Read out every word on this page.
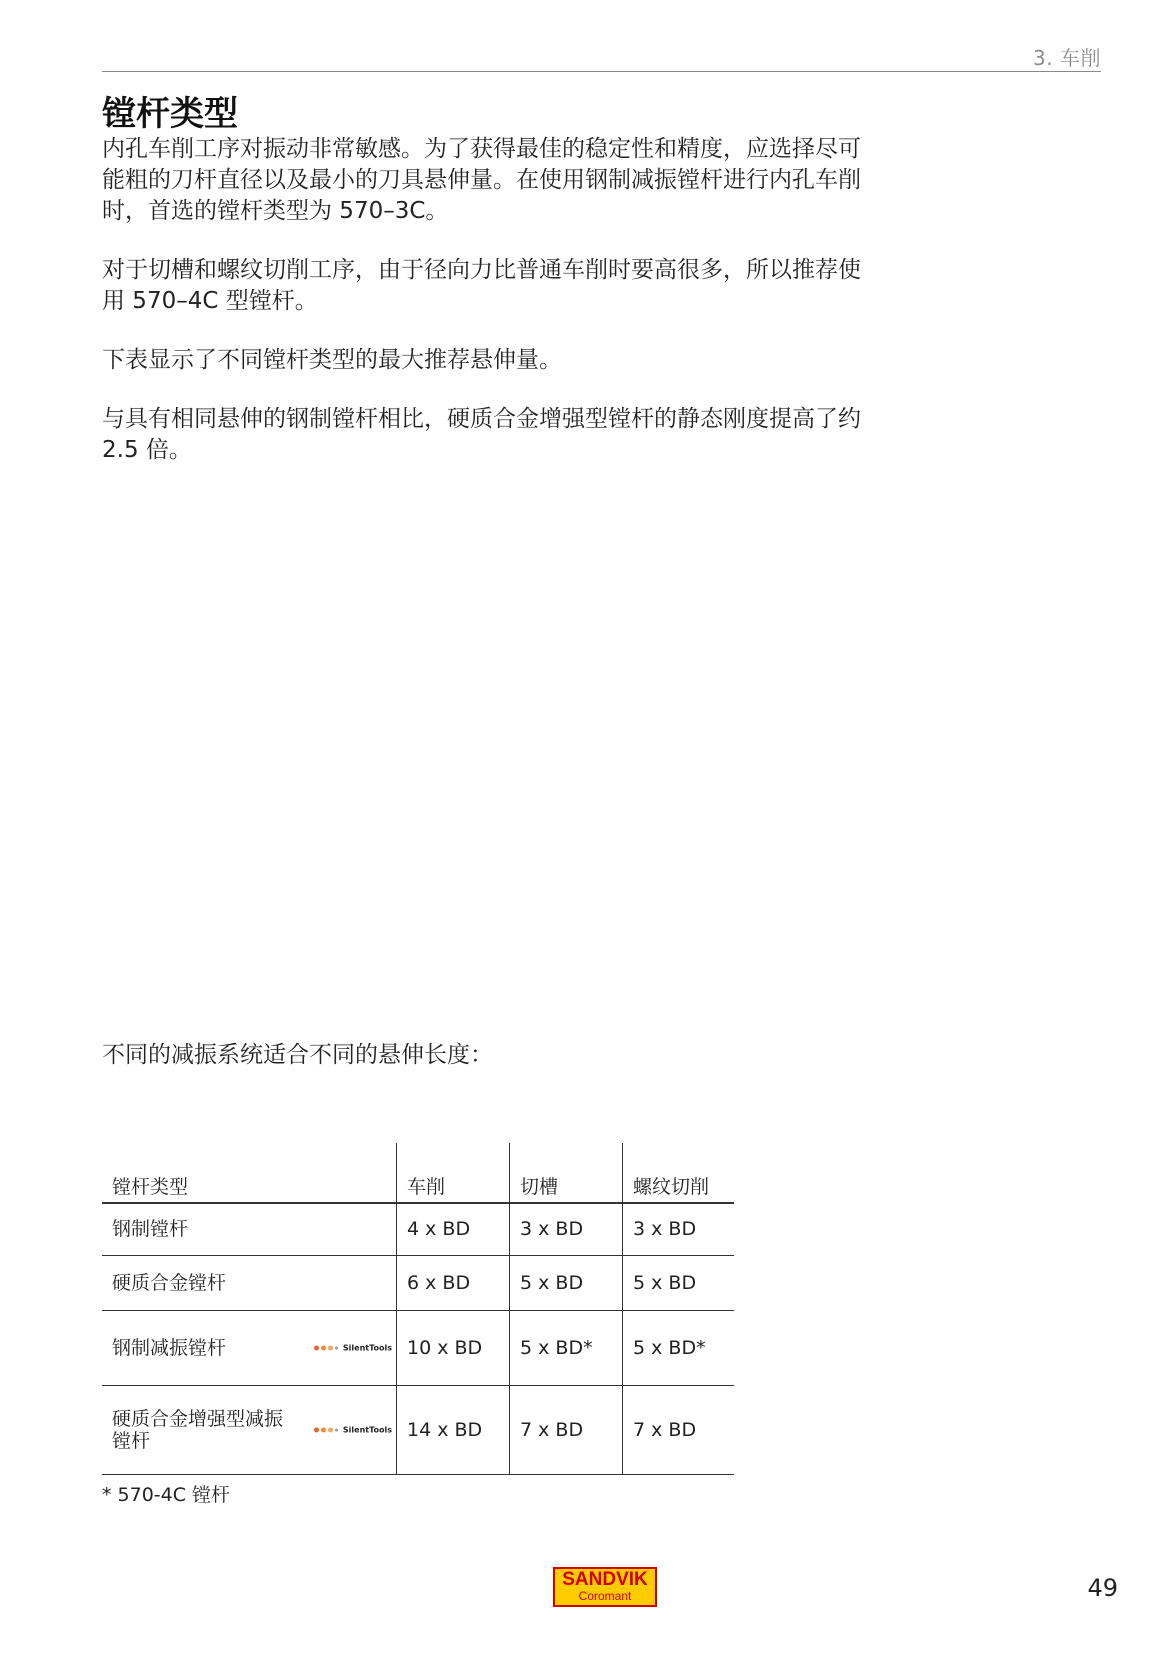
3. 车削
镗杆类型

内孔车削工序对振动非常敏感。为了获得最佳的稳定性和精度，应选择尽可能粗的刀杆直径以及最小的刀具悬伸量。在使用钢制减振镗杆进行内孔车削时，首选的镗杆类型为 570–3C。

对于切槽和螺纹切削工序，由于径向力比普通车削时要高很多，所以推荐使用 570–4C 型镗杆。

下表显示了不同镗杆类型的最大推荐悬伸量。

与具有相同悬伸的钢制镗杆相比，硬质合金增强型镗杆的静态刚度提高了约 2.5 倍。

不同的减振系统适合不同的悬伸长度：

镗杆类型	车削	切槽	螺纹切削
钢制镗杆	4 x BD	3 x BD	3 x BD
硬质合金镗杆	6 x BD	5 x BD	5 x BD
钢制减振镗杆 SilentTools	10 x BD	5 x BD*	5 x BD*
硬质合金增强型减振镗杆 SilentTools	14 x BD	7 x BD	7 x BD

* 570-4C 镗杆

SANDVIK
Coromant	49
